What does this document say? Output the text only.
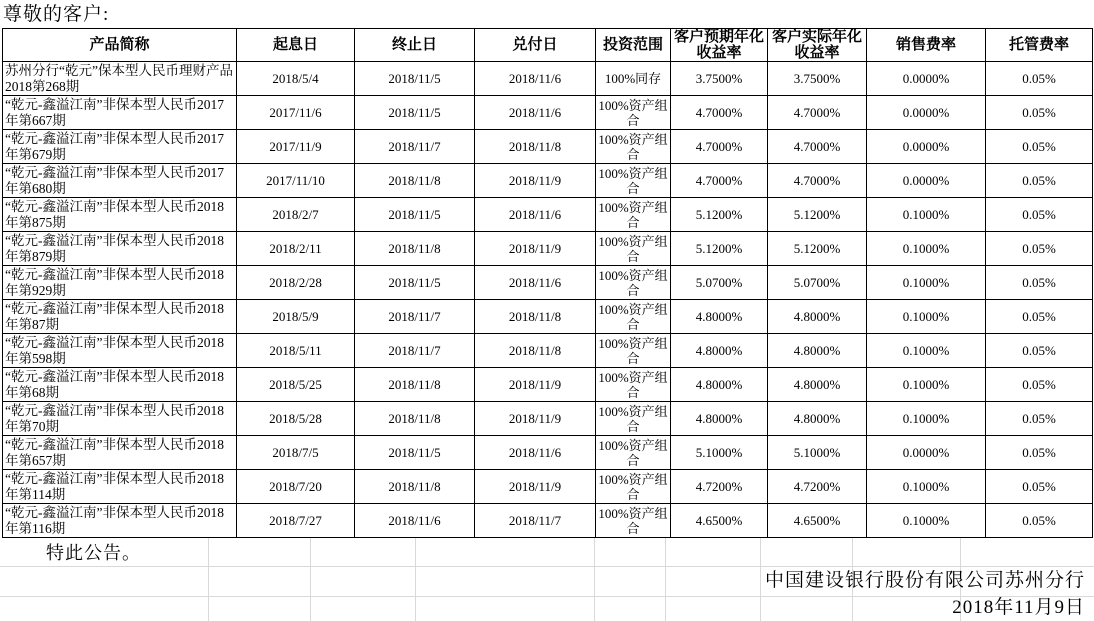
尊敬的客户:
产品简称	起息日	终止日	兑付日	投资范围	客户预期年化收益率	客户实际年化收益率	销售费率	托管费率
苏州分行“乾元”保本型人民币理财产品2018第268期	2018/5/4	2018/11/5	2018/11/6	100%同存	3.7500%	3.7500%	0.0000%	0.05%
“乾元-鑫溢江南”非保本型人民币2017年第667期	2017/11/6	2018/11/5	2018/11/6	100%资产组合	4.7000%	4.7000%	0.0000%	0.05%
“乾元-鑫溢江南”非保本型人民币2017年第679期	2017/11/9	2018/11/7	2018/11/8	100%资产组合	4.7000%	4.7000%	0.0000%	0.05%
“乾元-鑫溢江南”非保本型人民币2017年第680期	2017/11/10	2018/11/8	2018/11/9	100%资产组合	4.7000%	4.7000%	0.0000%	0.05%
“乾元-鑫溢江南”非保本型人民币2018年第875期	2018/2/7	2018/11/5	2018/11/6	100%资产组合	5.1200%	5.1200%	0.1000%	0.05%
“乾元-鑫溢江南”非保本型人民币2018年第879期	2018/2/11	2018/11/8	2018/11/9	100%资产组合	5.1200%	5.1200%	0.1000%	0.05%
“乾元-鑫溢江南”非保本型人民币2018年第929期	2018/2/28	2018/11/5	2018/11/6	100%资产组合	5.0700%	5.0700%	0.1000%	0.05%
“乾元-鑫溢江南”非保本型人民币2018年第87期	2018/5/9	2018/11/7	2018/11/8	100%资产组合	4.8000%	4.8000%	0.1000%	0.05%
“乾元-鑫溢江南”非保本型人民币2018年第598期	2018/5/11	2018/11/7	2018/11/8	100%资产组合	4.8000%	4.8000%	0.1000%	0.05%
“乾元-鑫溢江南”非保本型人民币2018年第68期	2018/5/25	2018/11/8	2018/11/9	100%资产组合	4.8000%	4.8000%	0.1000%	0.05%
“乾元-鑫溢江南”非保本型人民币2018年第70期	2018/5/28	2018/11/8	2018/11/9	100%资产组合	4.8000%	4.8000%	0.1000%	0.05%
“乾元-鑫溢江南”非保本型人民币2018年第657期	2018/7/5	2018/11/5	2018/11/6	100%资产组合	5.1000%	5.1000%	0.0000%	0.05%
“乾元-鑫溢江南”非保本型人民币2018年第114期	2018/7/20	2018/11/8	2018/11/9	100%资产组合	4.7200%	4.7200%	0.1000%	0.05%
“乾元-鑫溢江南”非保本型人民币2018年第116期	2018/7/27	2018/11/6	2018/11/7	100%资产组合	4.6500%	4.6500%	0.1000%	0.05%
特此公告。
中国建设银行股份有限公司苏州分行
2018年11月9日
